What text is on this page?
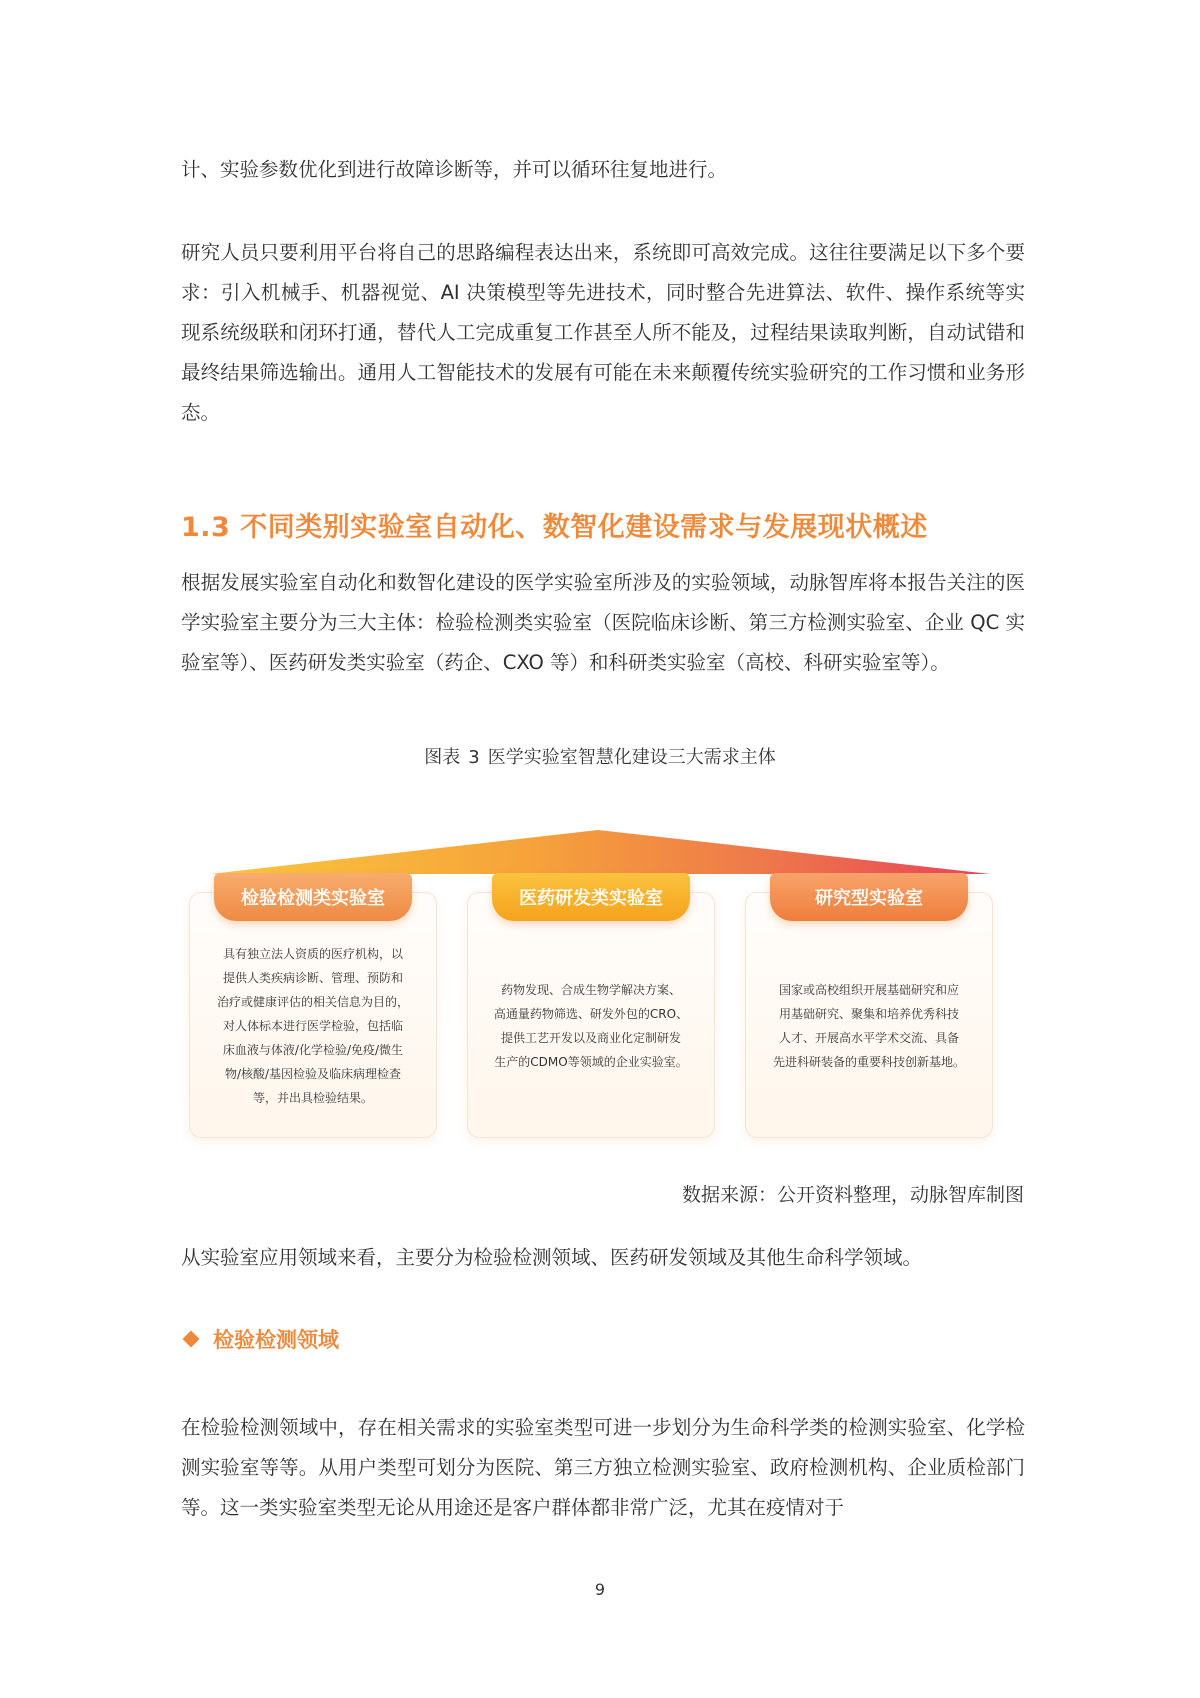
计、实验参数优化到进行故障诊断等，并可以循环往复地进行。

研究人员只要利用平台将自己的思路编程表达出来，系统即可高效完成。这往往要满足以下多个要求：引入机械手、机器视觉、AI 决策模型等先进技术，同时整合先进算法、软件、操作系统等实现系统级联和闭环打通，替代人工完成重复工作甚至人所不能及，过程结果读取判断，自动试错和最终结果筛选输出。通用人工智能技术的发展有可能在未来颠覆传统实验研究的工作习惯和业务形态。

1.3 不同类别实验室自动化、数智化建设需求与发展现状概述

根据发展实验室自动化和数智化建设的医学实验室所涉及的实验领域，动脉智库将本报告关注的医学实验室主要分为三大主体：检验检测类实验室（医院临床诊断、第三方检测实验室、企业 QC 实验室等）、医药研发类实验室（药企、CXO 等）和科研类实验室（高校、科研实验室等）。

图表 3 医学实验室智慧化建设三大需求主体
检验检测类实验室
具有独立法人资质的医疗机构，以
提供人类疾病诊断、管理、预防和
治疗或健康评估的相关信息为目的，
对人体标本进行医学检验，包括临
床血液与体液/化学检验/免疫/微生
物/核酸/基因检验及临床病理检查
等，并出具检验结果。
医药研发类实验室
药物发现、合成生物学解决方案、
高通量药物筛选、研发外包的CRO、
提供工艺开发以及商业化定制研发
生产的CDMO等领域的企业实验室。
研究型实验室
国家或高校组织开展基础研究和应
用基础研究、聚集和培养优秀科技
人才、开展高水平学术交流、具备
先进科研装备的重要科技创新基地。
数据来源：公开资料整理，动脉智库制图

从实验室应用领域来看，主要分为检验检测领域、医药研发领域及其他生命科学领域。

检验检测领域

在检验检测领域中，存在相关需求的实验室类型可进一步划分为生命科学类的检测实验室、化学检测实验室等等。从用户类型可划分为医院、第三方独立检测实验室、政府检测机构、企业质检部门等。这一类实验室类型无论从用途还是客户群体都非常广泛，尤其在疫情对于

9
